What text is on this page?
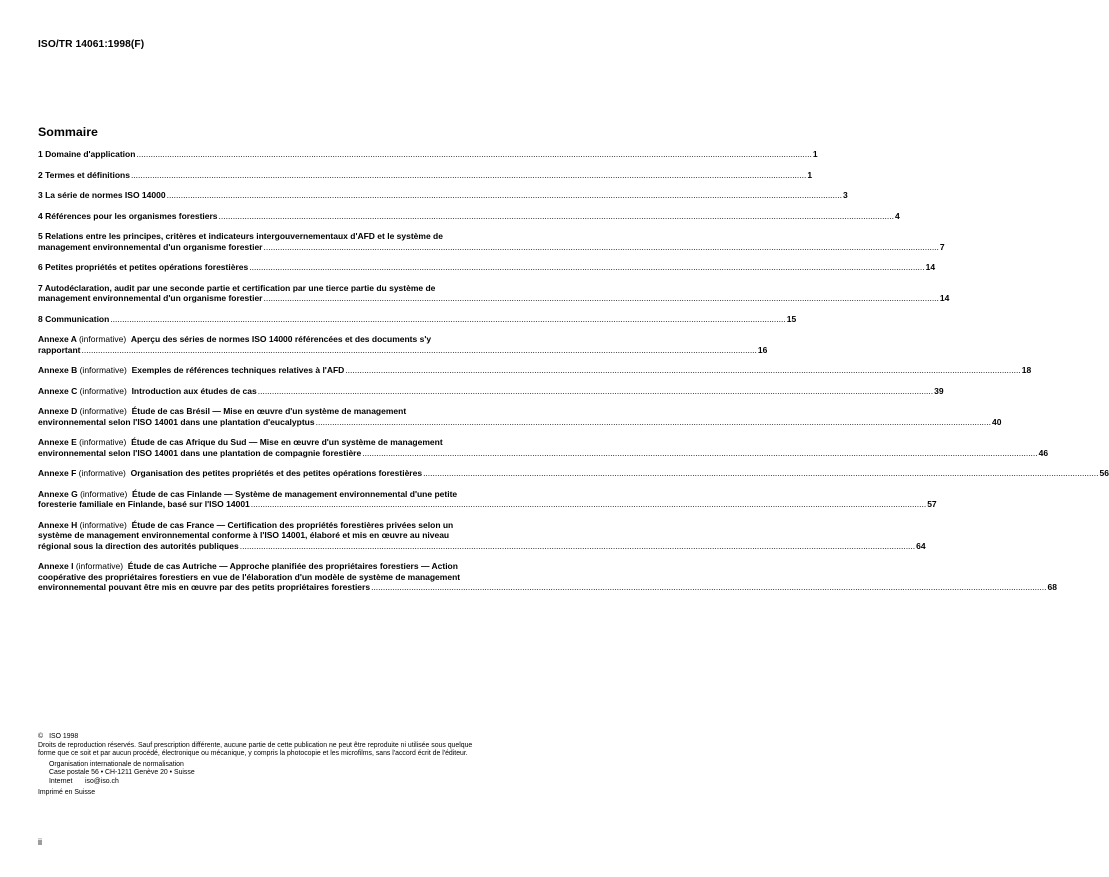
ISO/TR 14061:1998(F)
Sommaire
1 Domaine d'application .............................................................................................................................................................................................................................................................................................. 1
2 Termes et définitions .............................................................................................................................................................................................................................................................................................. 1
3 La série de normes ISO 14000 .............................................................................................................................................................................................................................................................................................. 3
4 Références pour les organismes forestiers .............................................................................................................................................................................................................................................................................................. 4
5 Relations entre les principes, critères et indicateurs intergouvernementaux d'AFD et le système de
management environnemental d'un organisme forestier .............................................................................................................................................................................................................................................................................................. 7
6 Petites propriétés et petites opérations forestières .............................................................................................................................................................................................................................................................................................. 14
7 Autodéclaration, audit par une seconde partie et certification par une tierce partie du système de
management environnemental d'un organisme forestier .............................................................................................................................................................................................................................................................................................. 14
8 Communication .............................................................................................................................................................................................................................................................................................. 15
Annexe A (informative) Aperçu des séries de normes ISO 14000 référencées et des documents s'y
rapportant .............................................................................................................................................................................................................................................................................................. 16
Annexe B (informative) Exemples de références techniques relatives à l'AFD .............................................................................................................................................................................................................................................................................................. 18
Annexe C (informative) Introduction aux études de cas .............................................................................................................................................................................................................................................................................................. 39
Annexe D (informative) Étude de cas Brésil — Mise en œuvre d'un système de management
environnemental selon l'ISO 14001 dans une plantation d'eucalyptus .............................................................................................................................................................................................................................................................................................. 40
Annexe E (informative) Étude de cas Afrique du Sud — Mise en œuvre d'un système de management
environnemental selon l'ISO 14001 dans une plantation de compagnie forestière .............................................................................................................................................................................................................................................................................................. 46
Annexe F (informative) Organisation des petites propriétés et des petites opérations forestières .............................................................................................................................................................................................................................................................................................. 56
Annexe G (informative) Étude de cas Finlande — Système de management environnemental d'une petite
foresterie familiale en Finlande, basé sur l'ISO 14001 .............................................................................................................................................................................................................................................................................................. 57
Annexe H (informative) Étude de cas France — Certification des propriétés forestières privées selon un
système de management environnemental conforme à l'ISO 14001, élaboré et mis en œuvre au niveau
régional sous la direction des autorités publiques .............................................................................................................................................................................................................................................................................................. 64
Annexe I (informative) Étude de cas Autriche — Approche planifiée des propriétaires forestiers — Action
coopérative des propriétaires forestiers en vue de l'élaboration d'un modèle de système de management
environnemental pouvant être mis en œuvre par des petits propriétaires forestiers .............................................................................................................................................................................................................................................................................................. 68
© ISO 1998
Droits de reproduction réservés. Sauf prescription différente, aucune partie de cette publication ne peut être reproduite ni utilisée sous quelque
forme que ce soit et par aucun procédé, électronique ou mécanique, y compris la photocopie et les microfilms, sans l'accord écrit de l'éditeur.
Organisation internationale de normalisation
Case postale 56 • CH-1211 Genève 20 • Suisse
Internet iso@iso.ch
Imprimé en Suisse
ii
